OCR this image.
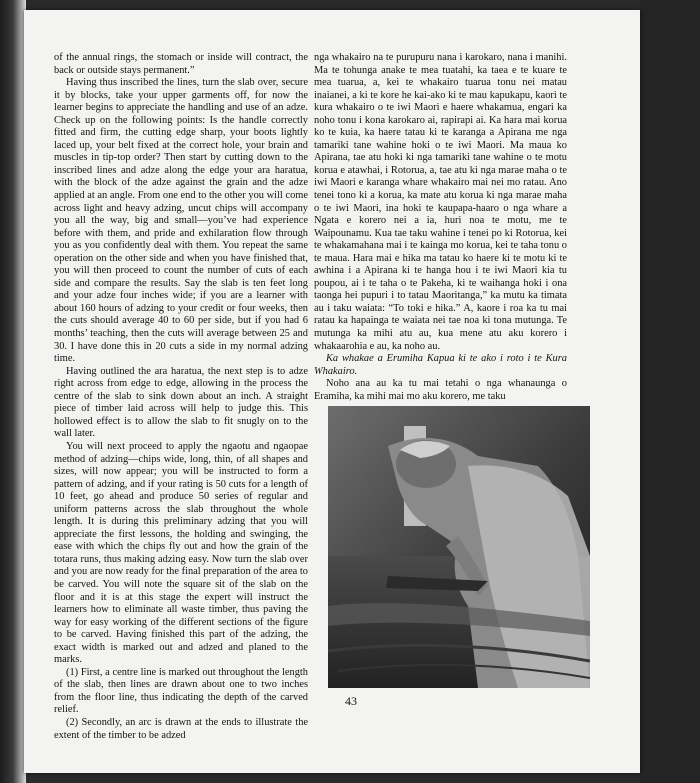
of the annual rings, the stomach or inside will contract, the back or outside stays permanent.”

Having thus inscribed the lines, turn the slab over, secure it by blocks, take your upper garments off, for now the learner begins to appreciate the handling and use of an adze. Check up on the following points: Is the handle correctly fitted and firm, the cutting edge sharp, your boots lightly laced up, your belt fixed at the correct hole, your brain and muscles in tip-top order? Then start by cutting down to the inscribed lines and adze along the edge your ara haratua, with the block of the adze against the grain and the adze applied at an angle. From one end to the other you will come across light and heavy adzing, uncut chips will accompany you all the way, big and small—you’ve had experience before with them, and pride and exhilaration flow through you as you confidently deal with them. You repeat the same operation on the other side and when you have finished that, you will then proceed to count the number of cuts of each side and compare the results. Say the slab is ten feet long and your adze four inches wide; if you are a learner with about 160 hours of adzing to your credit or four weeks, then the cuts should average 40 to 60 per side, but if you had 6 months’ teaching, then the cuts will average between 25 and 30. I have done this in 20 cuts a side in my normal adzing time.

Having outlined the ara haratua, the next step is to adze right across from edge to edge, allowing in the process the centre of the slab to sink down about an inch. A straight piece of timber laid across will help to judge this. This hollowed effect is to allow the slab to fit snugly on to the wall later.

You will next proceed to apply the ngaotu and ngaopae method of adzing—chips wide, long, thin, of all shapes and sizes, will now appear; you will be instructed to form a pattern of adzing, and if your rating is 50 cuts for a length of 10 feet, go ahead and produce 50 series of regular and uniform patterns across the slab throughout the whole length. It is during this preliminary adzing that you will appreciate the first lessons, the holding and swinging, the ease with which the chips fly out and how the grain of the totara runs, thus making adzing easy. Now turn the slab over and you are now ready for the final preparation of the area to be carved. You will note the square sit of the slab on the floor and it is at this stage the expert will instruct the learners how to eliminate all waste timber, thus paving the way for easy working of the different sections of the figure to be carved. Having finished this part of the adzing, the exact width is marked out and adzed and planed to the marks.

(1) First, a centre line is marked out throughout the length of the slab, then lines are drawn about one to two inches from the floor line, thus indicating the depth of the carved relief.

(2) Secondly, an arc is drawn at the ends to illustrate the extent of the timber to be adzed

nga whakairo na te purupuru nana i karokaro, nana i manihi. Ma te tohunga anake te mea tuatahi, ka taea e te kuare te mea tuarua, a, kei te whakairo tuarua tonu nei matau inaianei, a ki te kore he kai-ako ki te mau kapukapu, kaori te kura whakairo o te iwi Maori e haere whakamua, engari ka noho tonu i kona karokaro ai, rapirapi ai. Ka hara mai korua ko te kuia, ka haere tatau ki te karanga a Apirana me nga tamariki tane wahine hoki o te iwi Maori. Ma maua ko Apirana, tae atu hoki ki nga tamariki tane wahine o te motu korua e atawhai, i Rotorua, a, tae atu ki nga marae maha o te iwi Maori e karanga whare whakairo mai nei mo ratau. Ano tenei tono ki a korua, ka mate atu korua ki nga marae maha o te iwi Maori, ina hoki te kaupapa-haaro o nga whare a Ngata e korero nei a ia, huri noa te motu, me te Waipounamu. Kua tae taku wahine i tenei po ki Rotorua, kei te whakamahana mai i te kainga mo korua, kei te taha tonu o te maua. Hara mai e hika ma tatau ko haere ki te motu ki te awhina i a Apirana ki te hanga hou i te iwi Maori kia tu poupou, ai i te taha o te Pakeha, ki te waihanga hoki i ona taonga hei pupuri i to tatau Maoritanga,” ka mutu ka timata au i taku waiata: “To toki e hika.” A, kaore i roa ka tu mai ratau ka hapainga te waiata nei tae noa ki tona mutunga. Te mutunga ka mihi atu au, kua mene atu aku korero i whakaarohia e au, ka noho au.

Ka whakae a Erumiha Kapua ki te ako i roto i te Kura Whakairo.

Noho ana au ka tu mai tetahi o nga whanaunga o Eramiha, ka mihi mai mo aku korero, me taku

43
